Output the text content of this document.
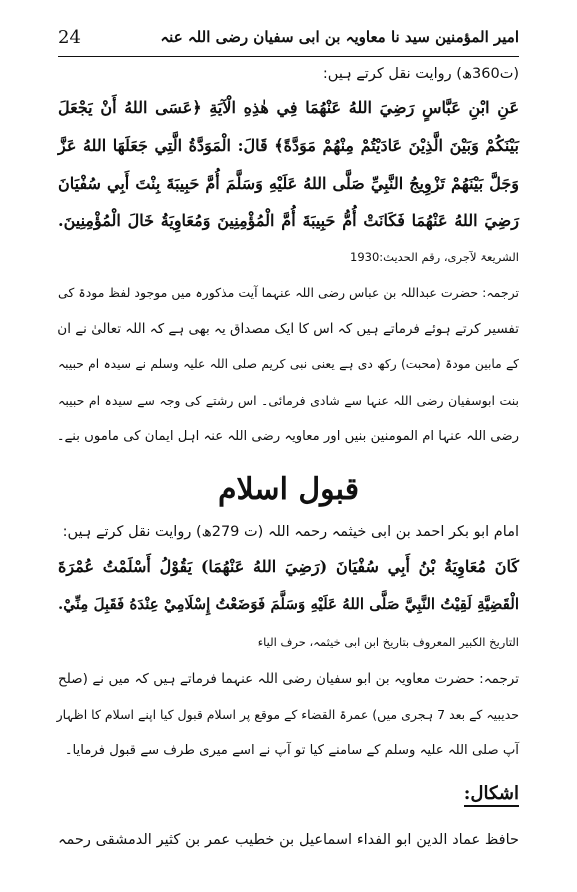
امیر المؤمنین سید نا معاویہ بن ابی سفیان رضی اللہ عنہ
24
(ت360ھ) روایت نقل کرتے ہیں:
عَنِ ابْنِ عَبَّاسٍ رَضِيَ اللهُ عَنْهُمَا فِي هٰذِهِ الْآيَةِ ﴿عَسَى اللهُ أَنْ يَجْعَلَ
بَيْنَكُمْ وَبَيْنَ الَّذِيْنَ عَادَيْتُمْ مِنْهُمْ مَوَدَّةً﴾ قَالَ: الْمَوَدَّةُ الَّتِي جَعَلَهَا اللهُ عَزَّ
وَجَلَّ بَيْنَهُمْ تَزْوِيجُ النَّبِيِّ صَلَّى اللهُ عَلَيْهِ وَسَلَّمَ أُمَّ حَبِيبَةَ بِنْتَ أَبِي سُفْيَانَ
رَضِيَ اللهُ عَنْهُمَا فَكَانَتْ أُمُّ حَبِيبَةَ أُمَّ الْمُؤْمِنِينَ وَمُعَاوِيَةُ خَالَ الْمُؤْمِنِينَ.
الشریعۃ لآجری، رقم الحدیث:1930
ترجمہ: حضرت عبداللہ بن عباس رضی اللہ عنہما آیت مذکورہ میں موجود لفظ مودۃ کی
تفسیر کرتے ہوئے فرماتے ہیں کہ اس کا ایک مصداق یہ بھی ہے کہ اللہ تعالیٰ نے ان
کے مابین مودۃ (محبت) رکھ دی ہے یعنی نبی کریم صلی اللہ علیہ وسلم نے سیدہ ام حبیبہ
بنت ابوسفیان رضی اللہ عنہا سے شادی فرمائی۔ اس رشتے کی وجہ سے سیدہ ام حبیبہ
رضی اللہ عنہا ام المومنین بنیں اور معاویہ رضی اللہ عنہ اہل ایمان کی ماموں بنے۔
قبول اسلام
امام ابو بکر احمد بن ابی خیثمہ رحمہ اللہ (ت 279ھ) روایت نقل کرتے ہیں:
كَانَ مُعَاوِيَةُ بْنُ أَبِي سُفْيَانَ (رَضِيَ اللهُ عَنْهُمَا) يَقُوْلُ أَسْلَمْتُ عُمْرَةَ
الْقَضِيَّةِ لَقِيْتُ النَّبِيَّ صَلَّى اللهُ عَلَيْهِ وَسَلَّمَ فَوَضَعْتُ إِسْلَامِيْ عِنْدَهُ فَقَبِلَ مِنِّيْ.
التاریخ الکبیر المعروف بتاریخ ابن ابی خیثمہ، حرف الیاء
ترجمہ: حضرت معاویہ بن ابو سفیان رضی اللہ عنہما فرماتے ہیں کہ میں نے (صلح
حدیبیہ کے بعد 7 ہجری میں) عمرۃ القضاء کے موقع پر اسلام قبول کیا اپنے اسلام کا اظہار
آپ صلی اللہ علیہ وسلم کے سامنے کیا تو آپ نے اسے میری طرف سے قبول فرمایا۔
اشکال:
حافظ عماد الدین ابو الفداء اسماعیل بن خطیب عمر بن کثیر الدمشقی رحمہ
